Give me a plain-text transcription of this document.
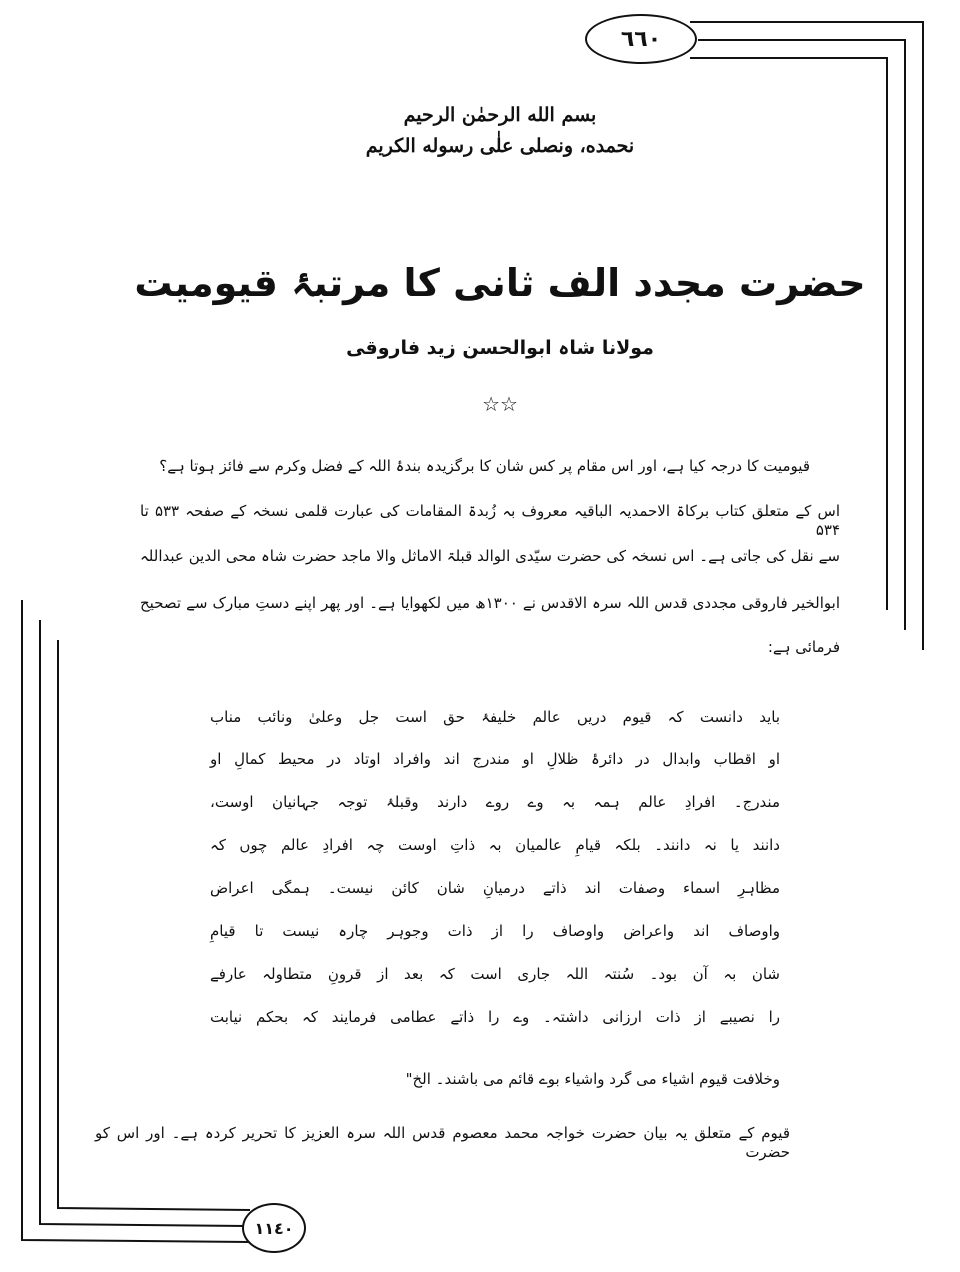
٦٦٠
١١٤٠
بسم الله الرحمٰن الرحيم
نحمده، ونصلی علٰی رسوله الكريم
حضرت مجدد الف ثانی کا مرتبۂ قیومیت
مولانا شاہ ابوالحسن زید فاروقی
☆☆
قیومیت کا درجہ کیا ہے، اور اس مقام پر کس شان کا برگزیدہ بندۂ اللہ کے فضل وکرم سے فائز ہوتا ہے؟
اس کے متعلق کتاب برکاۃ الاحمدیہ الباقیہ معروف بہ زُبدۃ المقامات کی عبارت قلمی نسخہ کے صفحہ ۵۳۳ تا ۵۳۴
سے نقل کی جاتی ہے۔ اس نسخہ کی حضرت سیّدی الوالد قبلۃ الاماثل والا ماجد حضرت شاہ محی الدین عبداللہ
ابوالخیر فاروقی مجددی قدس اللہ سرہ الاقدس نے ۱۳۰۰ھ میں لکھوایا ہے۔ اور پھر اپنے دستِ مبارک سے تصحیح
فرمائی ہے:
باید دانست کہ قیوم دریں عالم خلیفۂ حق است جل وعلیٰ ونائب مناب
او اقطاب وابدال در دائرۂ ظلالِ او مندرج اند وافراد اوتاد در محیط کمالِ او
مندرج۔ افرادِ عالم ہمہ بہ وے روے دارند وقبلۂ توجہ جہانیان اوست،
دانند یا نہ دانند۔ بلکہ قیامِ عالمیان بہ ذاتِ اوست چہ افرادِ عالم چوں کہ
مظاہرِ اسماء وصفات اند ذاتے درمیانِ شان کائن نیست۔ ہمگی اعراض
واوصاف اند واعراض واوصاف را از ذات وجوہر چارہ نیست تا قیامِ
شان بہ آن بود۔ سُنتہ اللہ جاری است کہ بعد از قرونِ متطاولہ عارفے
را نصیبے از ذات ارزانی داشتہ۔ وے را ذاتے عطامی فرمایند کہ بحکم نیابت
وخلافت قیوم اشیاء می گرد واشیاء بوے قائم می باشند۔ الخ"
قیوم کے متعلق یہ بیان حضرت خواجہ محمد معصوم قدس اللہ سرہ العزیز کا تحریر کردہ ہے۔ اور اس کو حضرت
